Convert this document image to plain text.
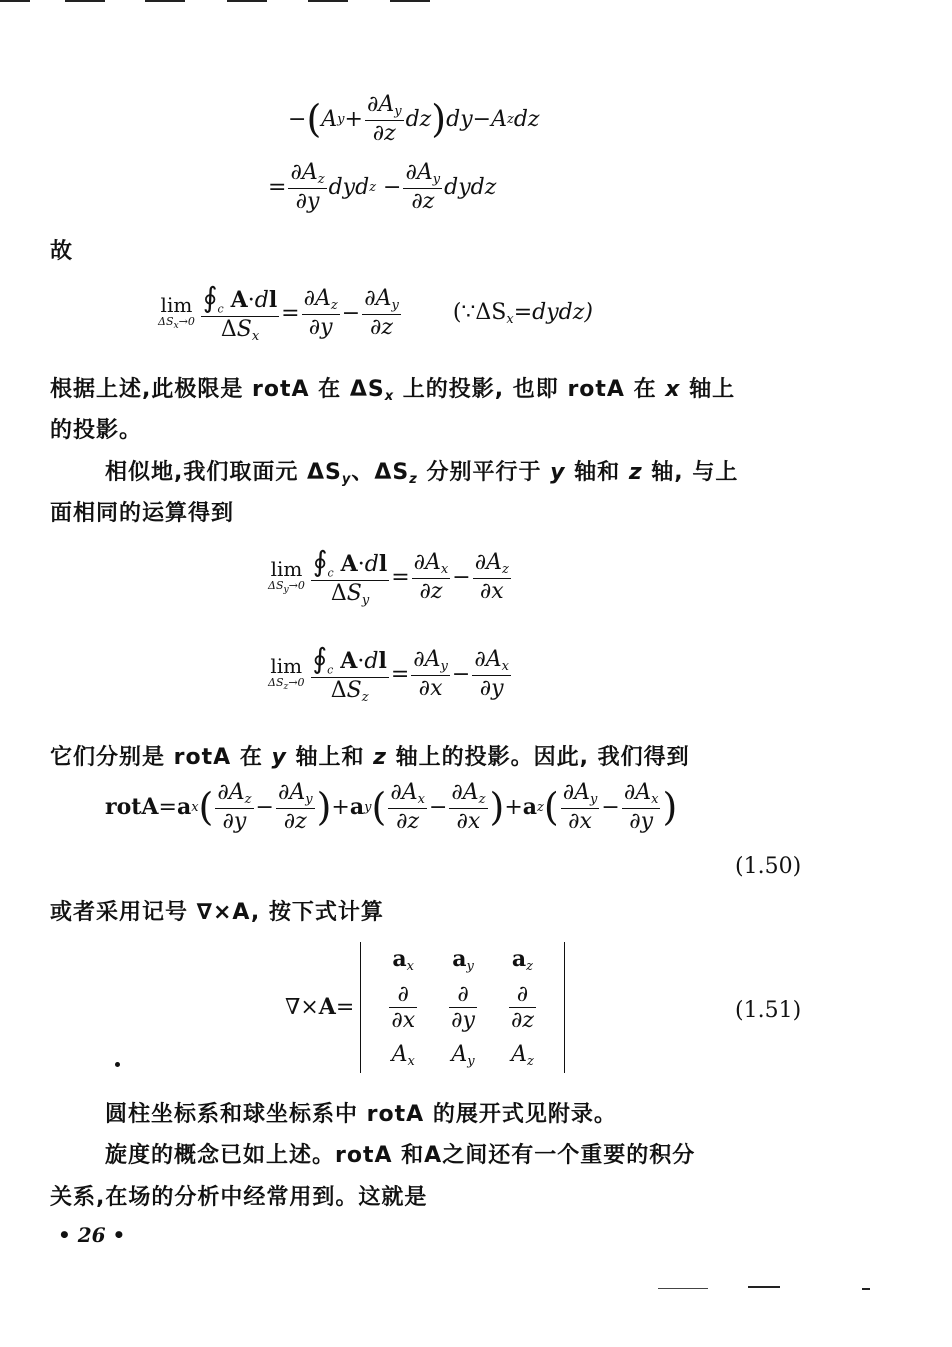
− ( A $y + \frac{\partial A_y}{\partial z}$ dz ) dy − A z dz
= $\frac{\partial A_z}{\partial y}$ dyd $z - \frac{\partial A_y}{\partial z}$ dydz
故
lim
$\Delta S_x\to 0 \frac{∮_c A\cdot dl}{\Delta S_x} = \frac{\partial A_z}{\partial y} - \frac{\partial A_y}{\partial z}$ $(\because\Delta S_x=dydz)$
根据上述,此极限是 rotA 在 $\Delta S_x$ 上的投影, 也即 rotA 在 x 轴上
的投影。
相似地,我们取面元 $\Delta S_y$、$\Delta S_z$ 分别平行于 y 轴和 z 轴, 与上
面相同的运算得到
lim
$\Delta S_y\to 0 \frac{∮_c A\cdot dl}{\Delta S_y} = \frac{\partial A_x}{\partial z} - \frac{\partial A_z}{\partial x}$
lim
$\Delta S_z\to 0 \frac{∮_c A\cdot dl}{\Delta S_z} = \frac{\partial A_y}{\partial x} - \frac{\partial A_x}{\partial y}$
它们分别是 rotA 在 y 轴上和 z 轴上的投影。因此, 我们得到
rotA = a x ( $\frac{\partial A_z}{\partial y} - \frac{\partial A_y}{\partial z}$ ) + a y ( $\frac{\partial A_x}{\partial z} - \frac{\partial A_z}{\partial x}$ ) + a z ( $\frac{\partial A_y}{\partial x} - \frac{\partial A_x}{\partial y}$ )
(1.50)
或者采用记号 ∇×A, 按下式计算
∇×A=
$a_x$	$a_y$	$a_z$

$\frac{\partial}{\partial x}$	$\frac{\partial}{\partial y}$	$\frac{\partial}{\partial z}$

$A_x$	$A_y$	$A_z$
(1.51)
圆柱坐标系和球坐标系中 rotA 的展开式见附录。
旋度的概念已如上述。rotA 和A之间还有一个重要的积分
关系,在场的分析中经常用到。这就是
• 26 •
